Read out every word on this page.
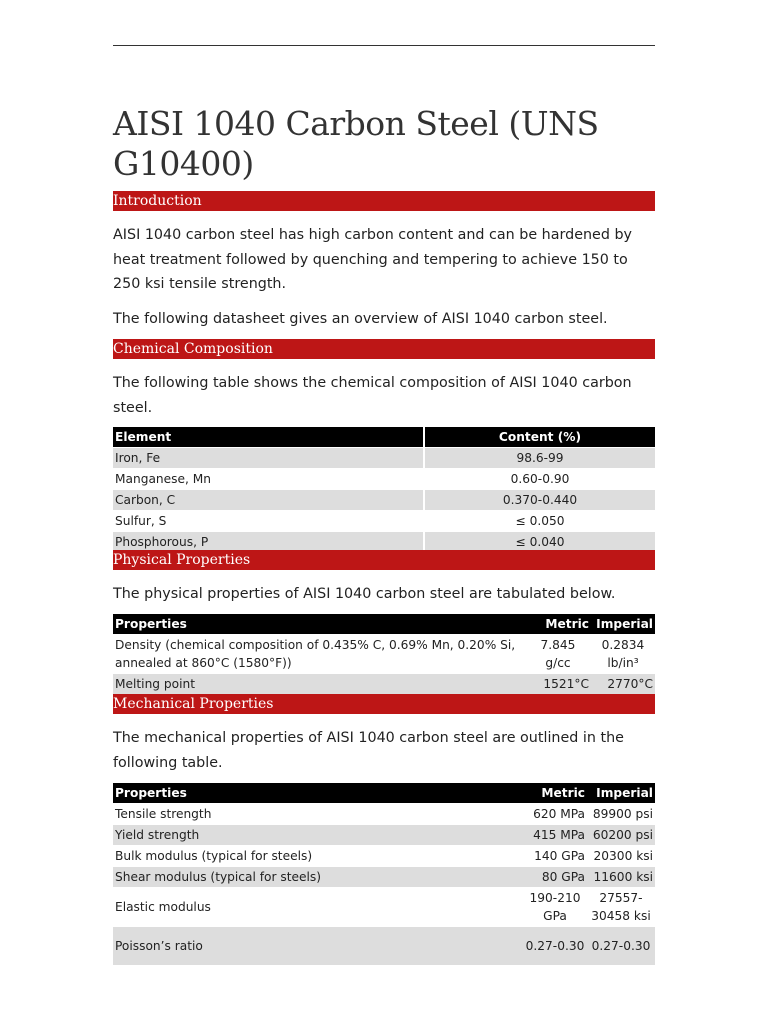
AISI 1040 Carbon Steel (UNS G10400)
Introduction

AISI 1040 carbon steel has high carbon content and can be hardened by heat treatment followed by quenching and tempering to achieve 150 to 250 ksi tensile strength.

The following datasheet gives an overview of AISI 1040 carbon steel.

Chemical Composition

The following table shows the chemical composition of AISI 1040 carbon steel.

Element	Content (%)
Iron, Fe	98.6-99
Manganese, Mn	0.60-0.90
Carbon, C	0.370-0.440
Sulfur, S	≤ 0.050
Phosphorous, P	≤ 0.040
Physical Properties

The physical properties of AISI 1040 carbon steel are tabulated below.

Properties	Metric	Imperial
Density (chemical composition of 0.435% C, 0.69% Mn, 0.20% Si, annealed at 860°C (1580°F))	7.845 g/cc	0.2834 lb/in³
Melting point	1521°C	2770°C
Mechanical Properties

The mechanical properties of AISI 1040 carbon steel are outlined in the following table.

Properties	Metric	Imperial
Tensile strength	620 MPa	89900 psi
Yield strength	415 MPa	60200 psi
Bulk modulus (typical for steels)	140 GPa	20300 ksi
Shear modulus (typical for steels)	80 GPa	11600 ksi
Elastic modulus	190-210 GPa	27557-30458 ksi
Poisson’s ratio	0.27-0.30	0.27-0.30
